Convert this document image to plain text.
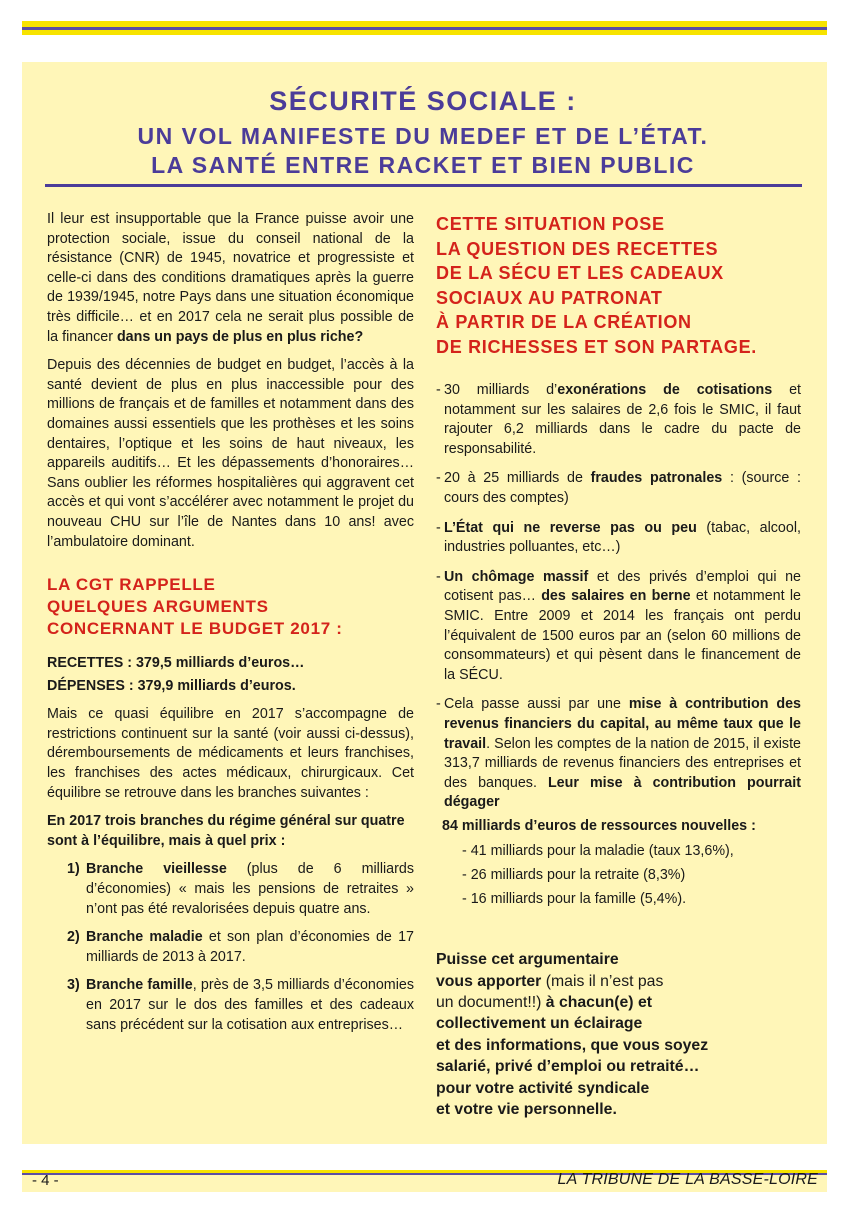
SÉCURITÉ SOCIALE :
UN VOL MANIFESTE DU MEDEF ET DE L’ÉTAT.
LA SANTÉ ENTRE RACKET ET BIEN PUBLIC

Il leur est insupportable que la France puisse avoir une protection sociale, issue du conseil national de la résistance (CNR) de 1945, novatrice et progressiste et celle-ci dans des conditions dramatiques après la guerre de 1939/1945, notre Pays dans une situation économique très difficile… et en 2017 cela ne serait plus possible de la financer dans un pays de plus en plus riche?

Depuis des décennies de budget en budget, l’accès à la santé devient de plus en plus inaccessible pour des millions de français et de familles et notamment dans des domaines aussi essentiels que les prothèses et les soins dentaires, l’optique et les soins de haut niveaux, les appareils auditifs… Et les dépassements d’honoraires… Sans oublier les réformes hospitalières qui aggravent cet accès et qui vont s’accélérer avec notamment le projet du nouveau CHU sur l’île de Nantes dans 10 ans! avec l’ambulatoire dominant.

LA CGT RAPPELLE
QUELQUES ARGUMENTS
CONCERNANT LE BUDGET 2017 :
RECETTES : 379,5 milliards d’euros…
DÉPENSES : 379,9 milliards d’euros.

Mais ce quasi équilibre en 2017 s’accompagne de restrictions continuent sur la santé (voir aussi ci-dessus), déremboursements de médicaments et leurs franchises, les franchises des actes médicaux, chirurgicaux. Cet équilibre se retrouve dans les branches suivantes :

En 2017 trois branches du régime général sur quatre sont à l’équilibre, mais à quel prix :

1) Branche vieillesse (plus de 6 milliards d’économies) « mais les pensions de retraites » n’ont pas été revalorisées depuis quatre ans.
2) Branche maladie et son plan d’économies de 17 milliards de 2013 à 2017.
3) Branche famille, près de 3,5 milliards d’économies en 2017 sur le dos des familles et des cadeaux sans précédent sur la cotisation aux entreprises…
CETTE SITUATION POSE
LA QUESTION DES RECETTES
DE LA SÉCU ET LES CADEAUX
SOCIAUX AU PATRONAT
À PARTIR DE LA CRÉATION
DE RICHESSES ET SON PARTAGE.
- 30 milliards d’exonérations de cotisations et notamment sur les salaires de 2,6 fois le SMIC, il faut rajouter 6,2 milliards dans le cadre du pacte de responsabilité.
- 20 à 25 milliards de fraudes patronales : (source : cours des comptes)
- L’État qui ne reverse pas ou peu (tabac, alcool, industries polluantes, etc…)
- Un chômage massif et des privés d’emploi qui ne cotisent pas… des salaires en berne et notamment le SMIC. Entre 2009 et 2014 les français ont perdu l’équivalent de 1500 euros par an (selon 60 millions de consommateurs) et qui pèsent dans le financement de la SÉCU.
- Cela passe aussi par une mise à contribution des revenus financiers du capital, au même taux que le travail. Selon les comptes de la nation de 2015, il existe 313,7 milliards de revenus financiers des entreprises et des banques. Leur mise à contribution pourrait dégager
84 milliards d’euros de ressources nouvelles :
- 41 milliards pour la maladie (taux 13,6%),
- 26 milliards pour la retraite (8,3%)
- 16 milliards pour la famille (5,4%).
Puisse cet argumentaire
vous apporter (mais il n’est pas
un document!!) à chacun(e) et
collectivement un éclairage
et des informations, que vous soyez
salarié, privé d’emploi ou retraité…
pour votre activité syndicale
et votre vie personnelle.
- 4 -	LA TRIBUNE DE LA BASSE-LOIRE
